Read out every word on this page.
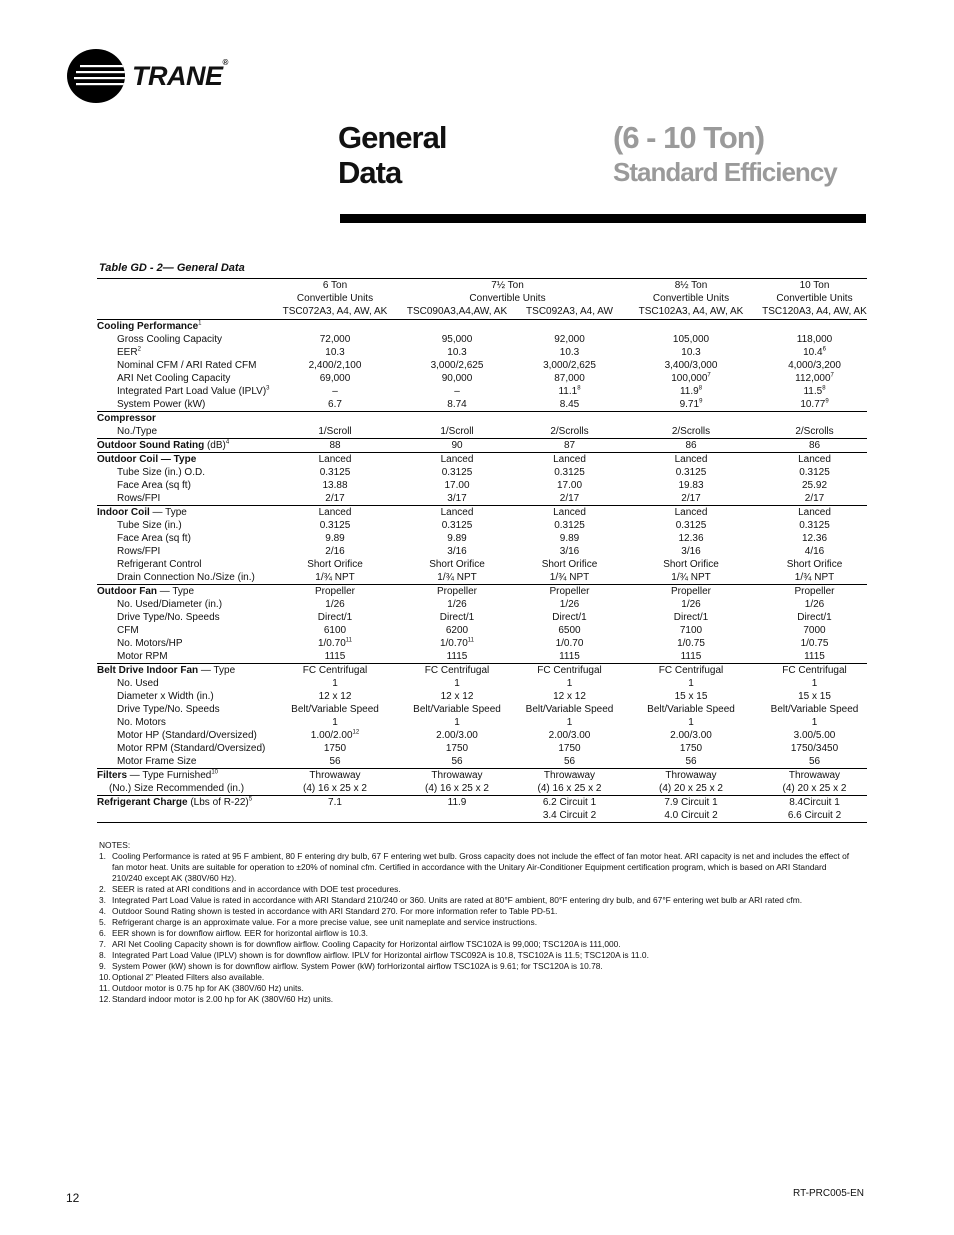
TRANE®
General
Data
(6 - 10 Ton)
Standard Efficiency
Table GD - 2— General Data
	6 Ton	7½ Ton		8½ Ton	10 Ton
	Convertible Units	Convertible Units		Convertible Units	Convertible Units
	TSC072A3, A4, AW, AK	TSC090A3,A4,AW, AK	TSC092A3, A4, AW	TSC102A3, A4, AW, AK	TSC120A3, A4, AW, AK
Cooling Performance$^1$
Gross Cooling Capacity	72,000	95,000	92,000	105,000	118,000
EER$^2$	10.3	10.3	10.3	10.3	10.4$^6$
Nominal CFM / ARI Rated CFM	2,400/2,100	3,000/2,625	3,000/2,625	3,400/3,000	4,000/3,200
ARI Net Cooling Capacity	69,000	90,000	87,000	100,000$^7$	112,000$^7$
Integrated Part Load Value (IPLV)$^3$	–	–	11.1$^8$	11.9$^8$	11.5$^8$
System Power (kW)	6.7	8.74	8.45	9.71$^9$	10.77$^9$
Compressor					
No./Type	1/Scroll	1/Scroll	2/Scrolls	2/Scrolls	2/Scrolls
Outdoor Sound Rating (dB)$^4$	88	90	87	86	86
Outdoor Coil — Type	Lanced	Lanced	Lanced	Lanced	Lanced
Tube Size (in.) O.D.	0.3125	0.3125	0.3125	0.3125	0.3125
Face Area (sq ft)	13.88	17.00	17.00	19.83	25.92
Rows/FPI	2/17	3/17	2/17	2/17	2/17
Indoor Coil — Type	Lanced	Lanced	Lanced	Lanced	Lanced
Tube Size (in.)	0.3125	0.3125	0.3125	0.3125	0.3125
Face Area (sq ft)	9.89	9.89	9.89	12.36	12.36
Rows/FPI	2/16	3/16	3/16	3/16	4/16
Refrigerant Control	Short Orifice	Short Orifice	Short Orifice	Short Orifice	Short Orifice
Drain Connection No./Size (in.)	1/¾ NPT	1/¾ NPT	1/¾ NPT	1/¾ NPT	1/¾ NPT
Outdoor Fan — Type	Propeller	Propeller	Propeller	Propeller	Propeller
No. Used/Diameter (in.)	1/26	1/26	1/26	1/26	1/26
Drive Type/No. Speeds	Direct/1	Direct/1	Direct/1	Direct/1	Direct/1
CFM	6100	6200	6500	7100	7000
No. Motors/HP	1/0.70$^{11}$	1/0.70$^{11}$	1/0.70	1/0.75	1/0.75
Motor RPM	1115	1115	1115	1115	1115
Belt Drive Indoor Fan — Type	FC Centrifugal	FC Centrifugal	FC Centrifugal	FC Centrifugal	FC Centrifugal
No. Used	1	1	1	1	1
Diameter x Width (in.)	12 x 12	12 x 12	12 x 12	15 x 15	15 x 15
Drive Type/No. Speeds	Belt/Variable Speed	Belt/Variable Speed	Belt/Variable Speed	Belt/Variable Speed	Belt/Variable Speed
No. Motors	1	1	1	1	1
Motor HP (Standard/Oversized)	1.00/2.00$^{12}$	2.00/3.00	2.00/3.00	2.00/3.00	3.00/5.00
Motor RPM (Standard/Oversized)	1750	1750	1750	1750	1750/3450
Motor Frame Size	56	56	56	56	56
Filters — Type Furnished$^{10}$	Throwaway	Throwaway	Throwaway	Throwaway	Throwaway
(No.) Size Recommended (in.)	(4) 16 x 25 x 2	(4) 16 x 25 x 2	(4) 16 x 25 x 2	(4) 20 x 25 x 2	(4) 20 x 25 x 2
Refrigerant Charge (Lbs of R-22)$^5$	7.1	11.9	6.2 Circuit 1	7.9 Circuit 1	8.4Circuit 1
			3.4 Circuit 2	4.0 Circuit 2	6.6 Circuit 2
NOTES:
1. Cooling Performance is rated at 95 F ambient, 80 F entering dry bulb, 67 F entering wet bulb. Gross capacity does not include the effect of fan motor heat. ARI capacity is net and includes the effect of fan motor heat. Units are suitable for operation to ±20% of nominal cfm. Certified in accordance with the Unitary Air-Conditioner Equipment certification program, which is based on ARI Standard 210/240 except AK (380V/60 Hz).
2. SEER is rated at ARI conditions and in accordance with DOE test procedures.
3. Integrated Part Load Value is rated in accordance with ARI Standard 210/240 or 360. Units are rated at 80°F ambient, 80°F entering dry bulb, and 67°F entering wet bulb ar ARI rated cfm.
4. Outdoor Sound Rating shown is tested in accordance with ARI Standard 270. For more information refer to Table PD-51.
5. Refrigerant charge is an approximate value. For a more precise value, see unit nameplate and service instructions.
6. EER shown is for downflow airflow. EER for horizontal airflow is 10.3.
7. ARI Net Cooling Capacity shown is for downflow airflow. Cooling Capacity for Horizontal airflow TSC102A is 99,000; TSC120A is 111,000.
8. Integrated Part Load Value (IPLV) shown is for downflow airflow. IPLV for Horizontal airflow TSC092A is 10.8, TSC102A is 11.5; TSC120A is 11.0.
9. System Power (kW) shown is for downflow airflow. System Power (kW) forHorizontal airflow TSC102A is 9.61; for TSC120A is 10.78.
10. Optional 2” Pleated Filters also available.
11. Outdoor motor is 0.75 hp for AK (380V/60 Hz) units.
12. Standard indoor motor is 2.00 hp for AK (380V/60 Hz) units.
12	RT-PRC005-EN
